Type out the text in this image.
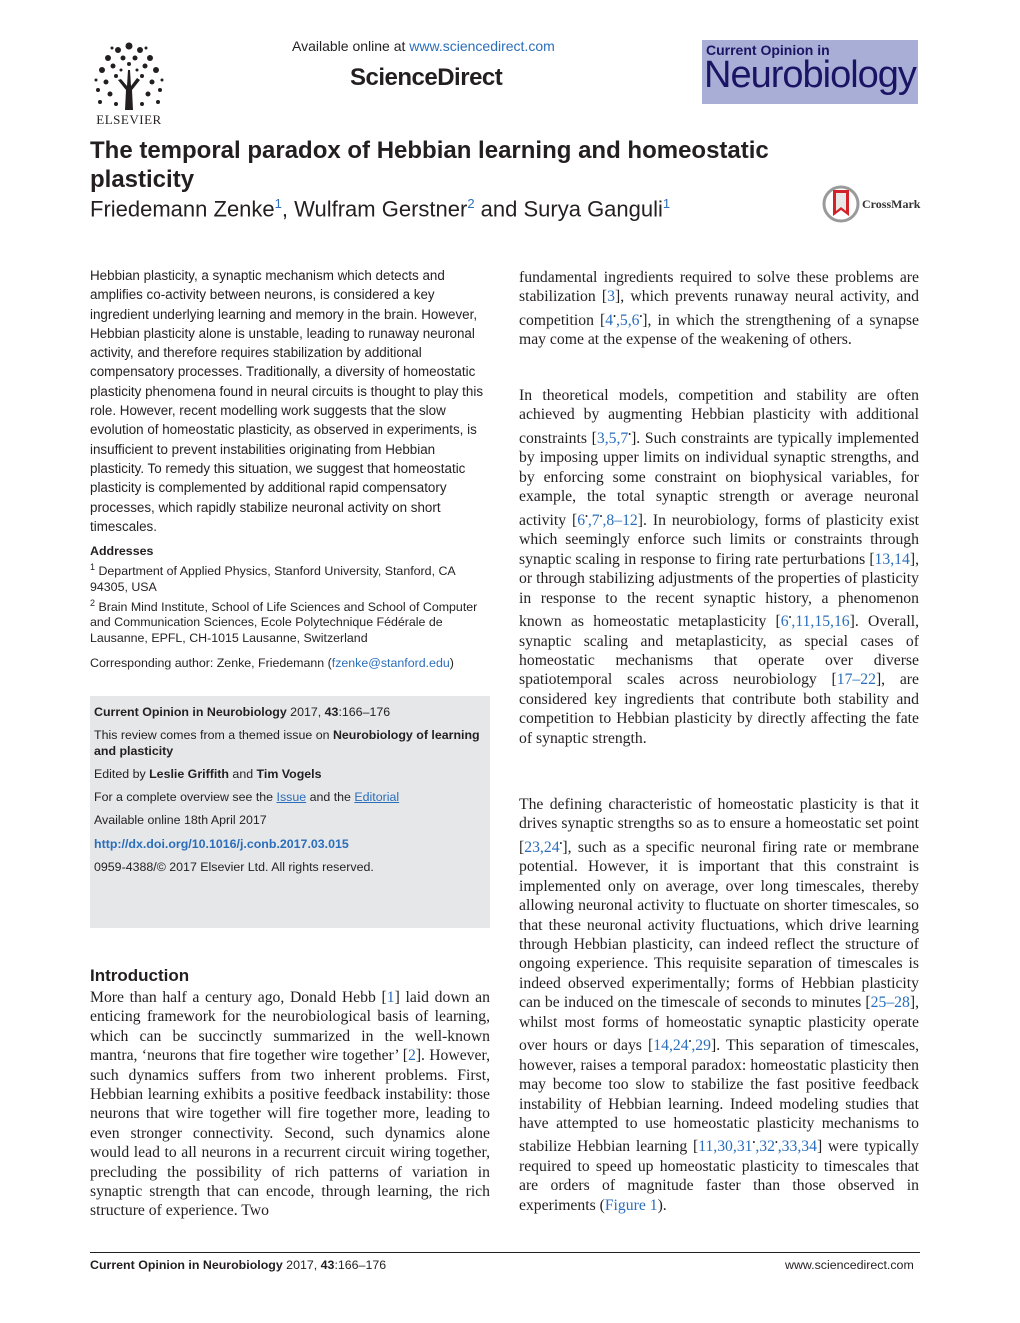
ELSEVIER
Available online at www.sciencedirect.com
ScienceDirect
Current Opinion in
Neurobiology
The temporal paradox of Hebbian learning and homeostatic plasticity
Friedemann Zenke$^1$, Wulfram Gerstner$^2$ and Surya Ganguli$^1$	CrossMark
Hebbian plasticity, a synaptic mechanism which detects and amplifies co-activity between neurons, is considered a key ingredient underlying learning and memory in the brain. However, Hebbian plasticity alone is unstable, leading to runaway neuronal activity, and therefore requires stabilization by additional compensatory processes. Traditionally, a diversity of homeostatic plasticity phenomena found in neural circuits is thought to play this role. However, recent modelling work suggests that the slow evolution of homeostatic plasticity, as observed in experiments, is insufficient to prevent instabilities originating from Hebbian plasticity. To remedy this situation, we suggest that homeostatic plasticity is complemented by additional rapid compensatory processes, which rapidly stabilize neuronal activity on short timescales.
Addresses
$^1$ Department of Applied Physics, Stanford University, Stanford, CA 94305, USA
$^2$ Brain Mind Institute, School of Life Sciences and School of Computer and Communication Sciences, Ecole Polytechnique Fédérale de Lausanne, EPFL, CH-1015 Lausanne, Switzerland
Corresponding author: Zenke, Friedemann (fzenke@stanford.edu)
Current Opinion in Neurobiology 2017, 43:166–176
This review comes from a themed issue on Neurobiology of learning and plasticity
Edited by Leslie Griffith and Tim Vogels
For a complete overview see the Issue and the Editorial
Available online 18th April 2017
http://dx.doi.org/10.1016/j.conb.2017.03.015
0959-4388/© 2017 Elsevier Ltd. All rights reserved.
Introduction
More than half a century ago, Donald Hebb [1] laid down an enticing framework for the neurobiological basis of learning, which can be succinctly summarized in the well-known mantra, ‘neurons that fire together wire together’ [2]. However, such dynamics suffers from two inherent problems. First, Hebbian learning exhibits a positive feedback instability: those neurons that wire together will fire together more, leading to even stronger connectivity. Second, such dynamics alone would lead to all neurons in a recurrent circuit wiring together, precluding the possibility of rich patterns of variation in synaptic strength that can encode, through learning, the rich structure of experience. Two
fundamental ingredients required to solve these problems are stabilization [3], which prevents runaway neural activity, and competition [4•,5,6•], in which the strengthening of a synapse may come at the expense of the weakening of others.
In theoretical models, competition and stability are often achieved by augmenting Hebbian plasticity with additional constraints [3,5,7•]. Such constraints are typically implemented by imposing upper limits on individual synaptic strengths, and by enforcing some constraint on biophysical variables, for example, the total synaptic strength or average neuronal activity [6•,7•,8–12]. In neurobiology, forms of plasticity exist which seemingly enforce such limits or constraints through synaptic scaling in response to firing rate perturbations [13,14], or through stabilizing adjustments of the properties of plasticity in response to the recent synaptic history, a phenomenon known as homeostatic metaplasticity [6•,11,15,16]. Overall, synaptic scaling and metaplasticity, as special cases of homeostatic mechanisms that operate over diverse spatiotemporal scales across neurobiology [17–22], are considered key ingredients that contribute both stability and competition to Hebbian plasticity by directly affecting the fate of synaptic strength.
The defining characteristic of homeostatic plasticity is that it drives synaptic strengths so as to ensure a homeostatic set point [23,24•], such as a specific neuronal firing rate or membrane potential. However, it is important that this constraint is implemented only on average, over long timescales, thereby allowing neuronal activity to fluctuate on shorter timescales, so that these neuronal activity fluctuations, which drive learning through Hebbian plasticity, can indeed reflect the structure of ongoing experience. This requisite separation of timescales is indeed observed experimentally; forms of Hebbian plasticity can be induced on the timescale of seconds to minutes [25–28], whilst most forms of homeostatic synaptic plasticity operate over hours or days [14,24•,29]. This separation of timescales, however, raises a temporal paradox: homeostatic plasticity then may become too slow to stabilize the fast positive feedback instability of Hebbian learning. Indeed modeling studies that have attempted to use homeostatic plasticity mechanisms to stabilize Hebbian learning [11,30,31•,32•,33,34] were typically required to speed up homeostatic plasticity to timescales that are orders of magnitude faster than those observed in experiments (Figure 1).
Current Opinion in Neurobiology 2017, 43:166–176	www.sciencedirect.com
